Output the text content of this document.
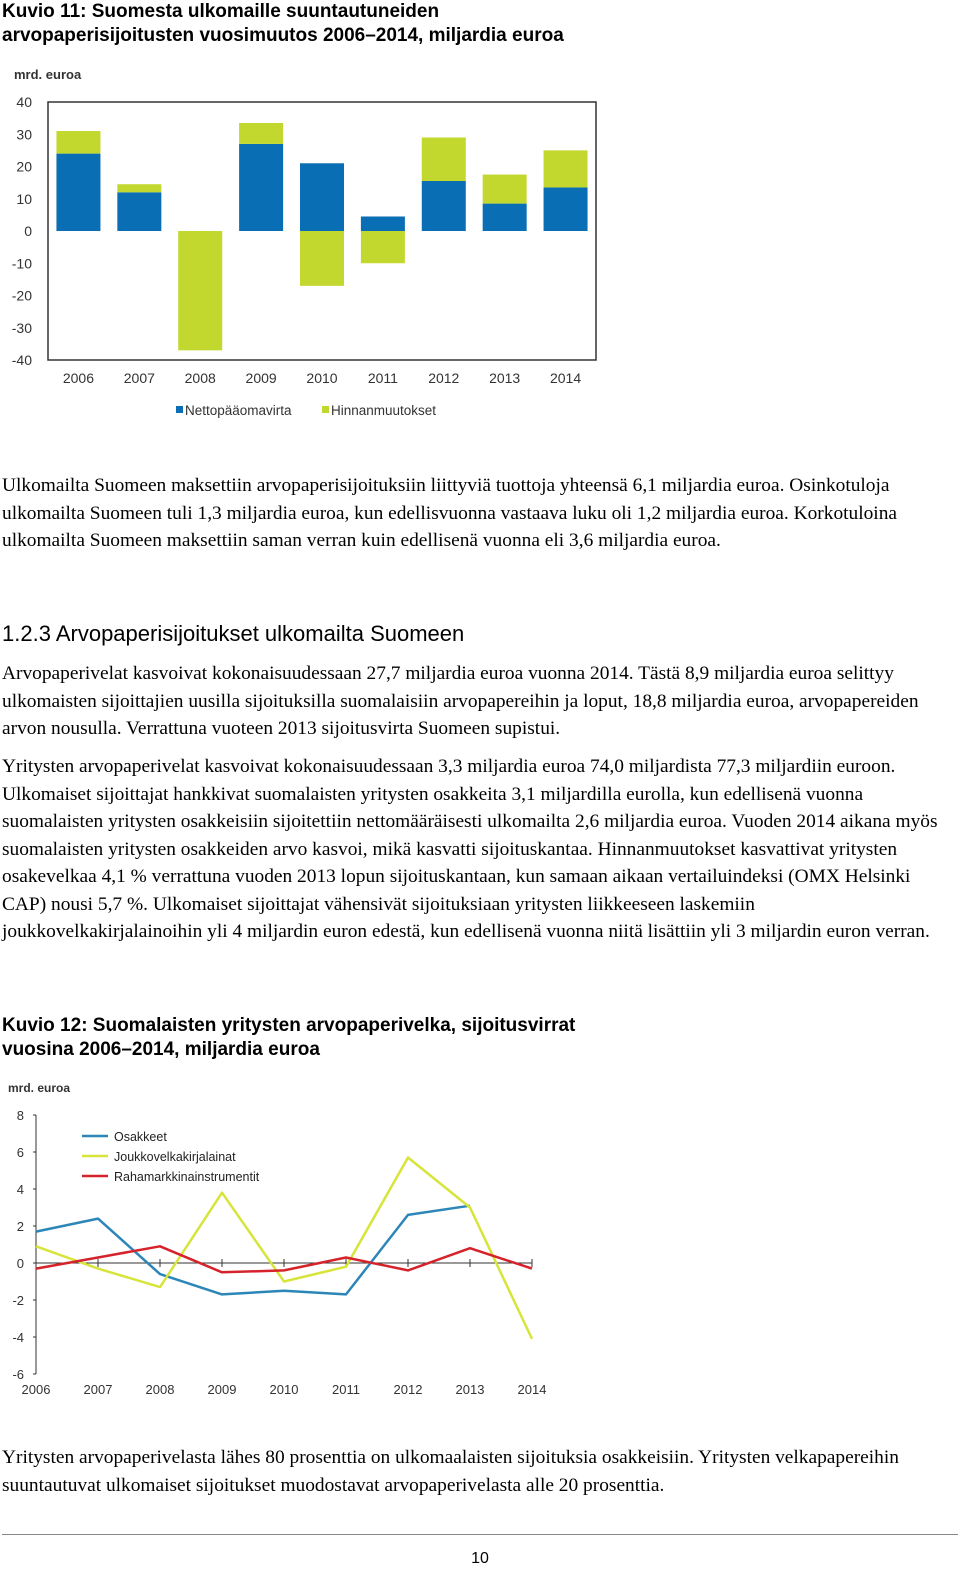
Kuvio 11: Suomesta ulkomaille suuntautuneiden
arvopaperisijoitusten vuosimuutos 2006–2014, miljardia euroa
mrd. euroa
40
30
20
10
0
-10
-20
-30
-40
2006 2007 2008 2009 2010 2011 2012 2013 2014
Nettopääomavirta	Hinnanmuutokset

Ulkomailta Suomeen maksettiin arvopaperisijoituksiin liittyviä tuottoja yhteensä 6,1 miljardia euroa. Osinkotuloja ulkomailta Suomeen tuli 1,3 miljardia euroa, kun edellisvuonna vastaava luku oli 1,2 miljardia euroa. Korkotuloina ulkomailta Suomeen maksettiin saman verran kuin edellisenä vuonna eli 3,6 miljardia euroa.

1.2.3 Arvopaperisijoitukset ulkomailta Suomeen

Arvopaperivelat kasvoivat kokonaisuudessaan 27,7 miljardia euroa vuonna 2014. Tästä 8,9 miljardia euroa selittyy ulkomaisten sijoittajien uusilla sijoituksilla suomalaisiin arvopapereihin ja loput, 18,8 miljardia euroa, arvopapereiden arvon nousulla. Verrattuna vuoteen 2013 sijoitusvirta Suomeen supistui.

Yritysten arvopaperivelat kasvoivat kokonaisuudessaan 3,3 miljardia euroa 74,0 miljardista 77,3 miljardiin euroon. Ulkomaiset sijoittajat hankkivat suomalaisten yritysten osakkeita 3,1 miljardilla eurolla, kun edellisenä vuonna suomalaisten yritysten osakkeisiin sijoitettiin nettomääräisesti ulkomailta 2,6 miljardia euroa. Vuoden 2014 aikana myös suomalaisten yritysten osakkeiden arvo kasvoi, mikä kasvatti sijoituskantaa. Hinnanmuutokset kasvattivat yritysten osakevelkaa 4,1 % verrattuna vuoden 2013 lopun sijoituskantaan, kun samaan aikaan vertailuindeksi (OMX Helsinki CAP) nousi 5,7 %. Ulkomaiset sijoittajat vähensivät sijoituksiaan yritysten liikkeeseen laskemiin joukkovelkakirjalainoihin yli 4 miljardin euron edestä, kun edellisenä vuonna niitä lisättiin yli 3 miljardin euron verran.

Kuvio 12: Suomalaisten yritysten arvopaperivelka, sijoitusvirrat
vuosina 2006–2014, miljardia euroa
mrd. euroa
8
6
4
2
0
-2
-4
-6
2006	2007	2008	2009	2010	2011	2012	2013	2014
Osakkeet
Joukkovelkakirjalainat
Rahamarkkinainstrumentit

Yritysten arvopaperivelasta lähes 80 prosenttia on ulkomaalaisten sijoituksia osakkeisiin. Yritysten velkapapereihin suuntautuvat ulkomaiset sijoitukset muodostavat arvopaperivelasta alle 20 prosenttia.

10
